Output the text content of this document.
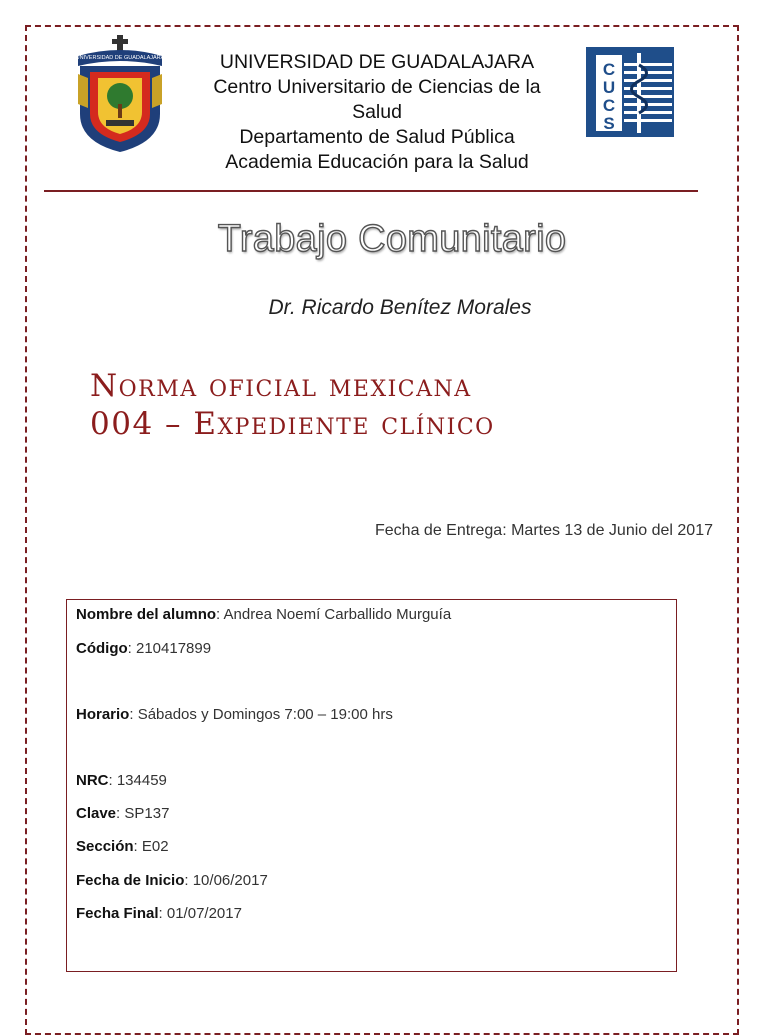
UNIVERSIDAD DE GUADALAJARA	UNIVERSIDAD DE GUADALAJARA
Centro Universitario de Ciencias de la
Salud
Departamento de Salud Pública
Academia Educación para la Salud
C
U
C
S
Trabajo Comunitario
Dr. Ricardo Benítez Morales
Norma oficial mexicana
004 – Expediente clínico
Fecha de Entrega: Martes 13 de Junio del 2017
Nombre del alumno: Andrea Noemí Carballido Murguía
Código: 210417899
Horario: Sábados y Domingos 7:00 – 19:00 hrs
NRC: 134459
Clave: SP137
Sección: E02
Fecha de Inicio: 10/06/2017
Fecha Final: 01/07/2017
